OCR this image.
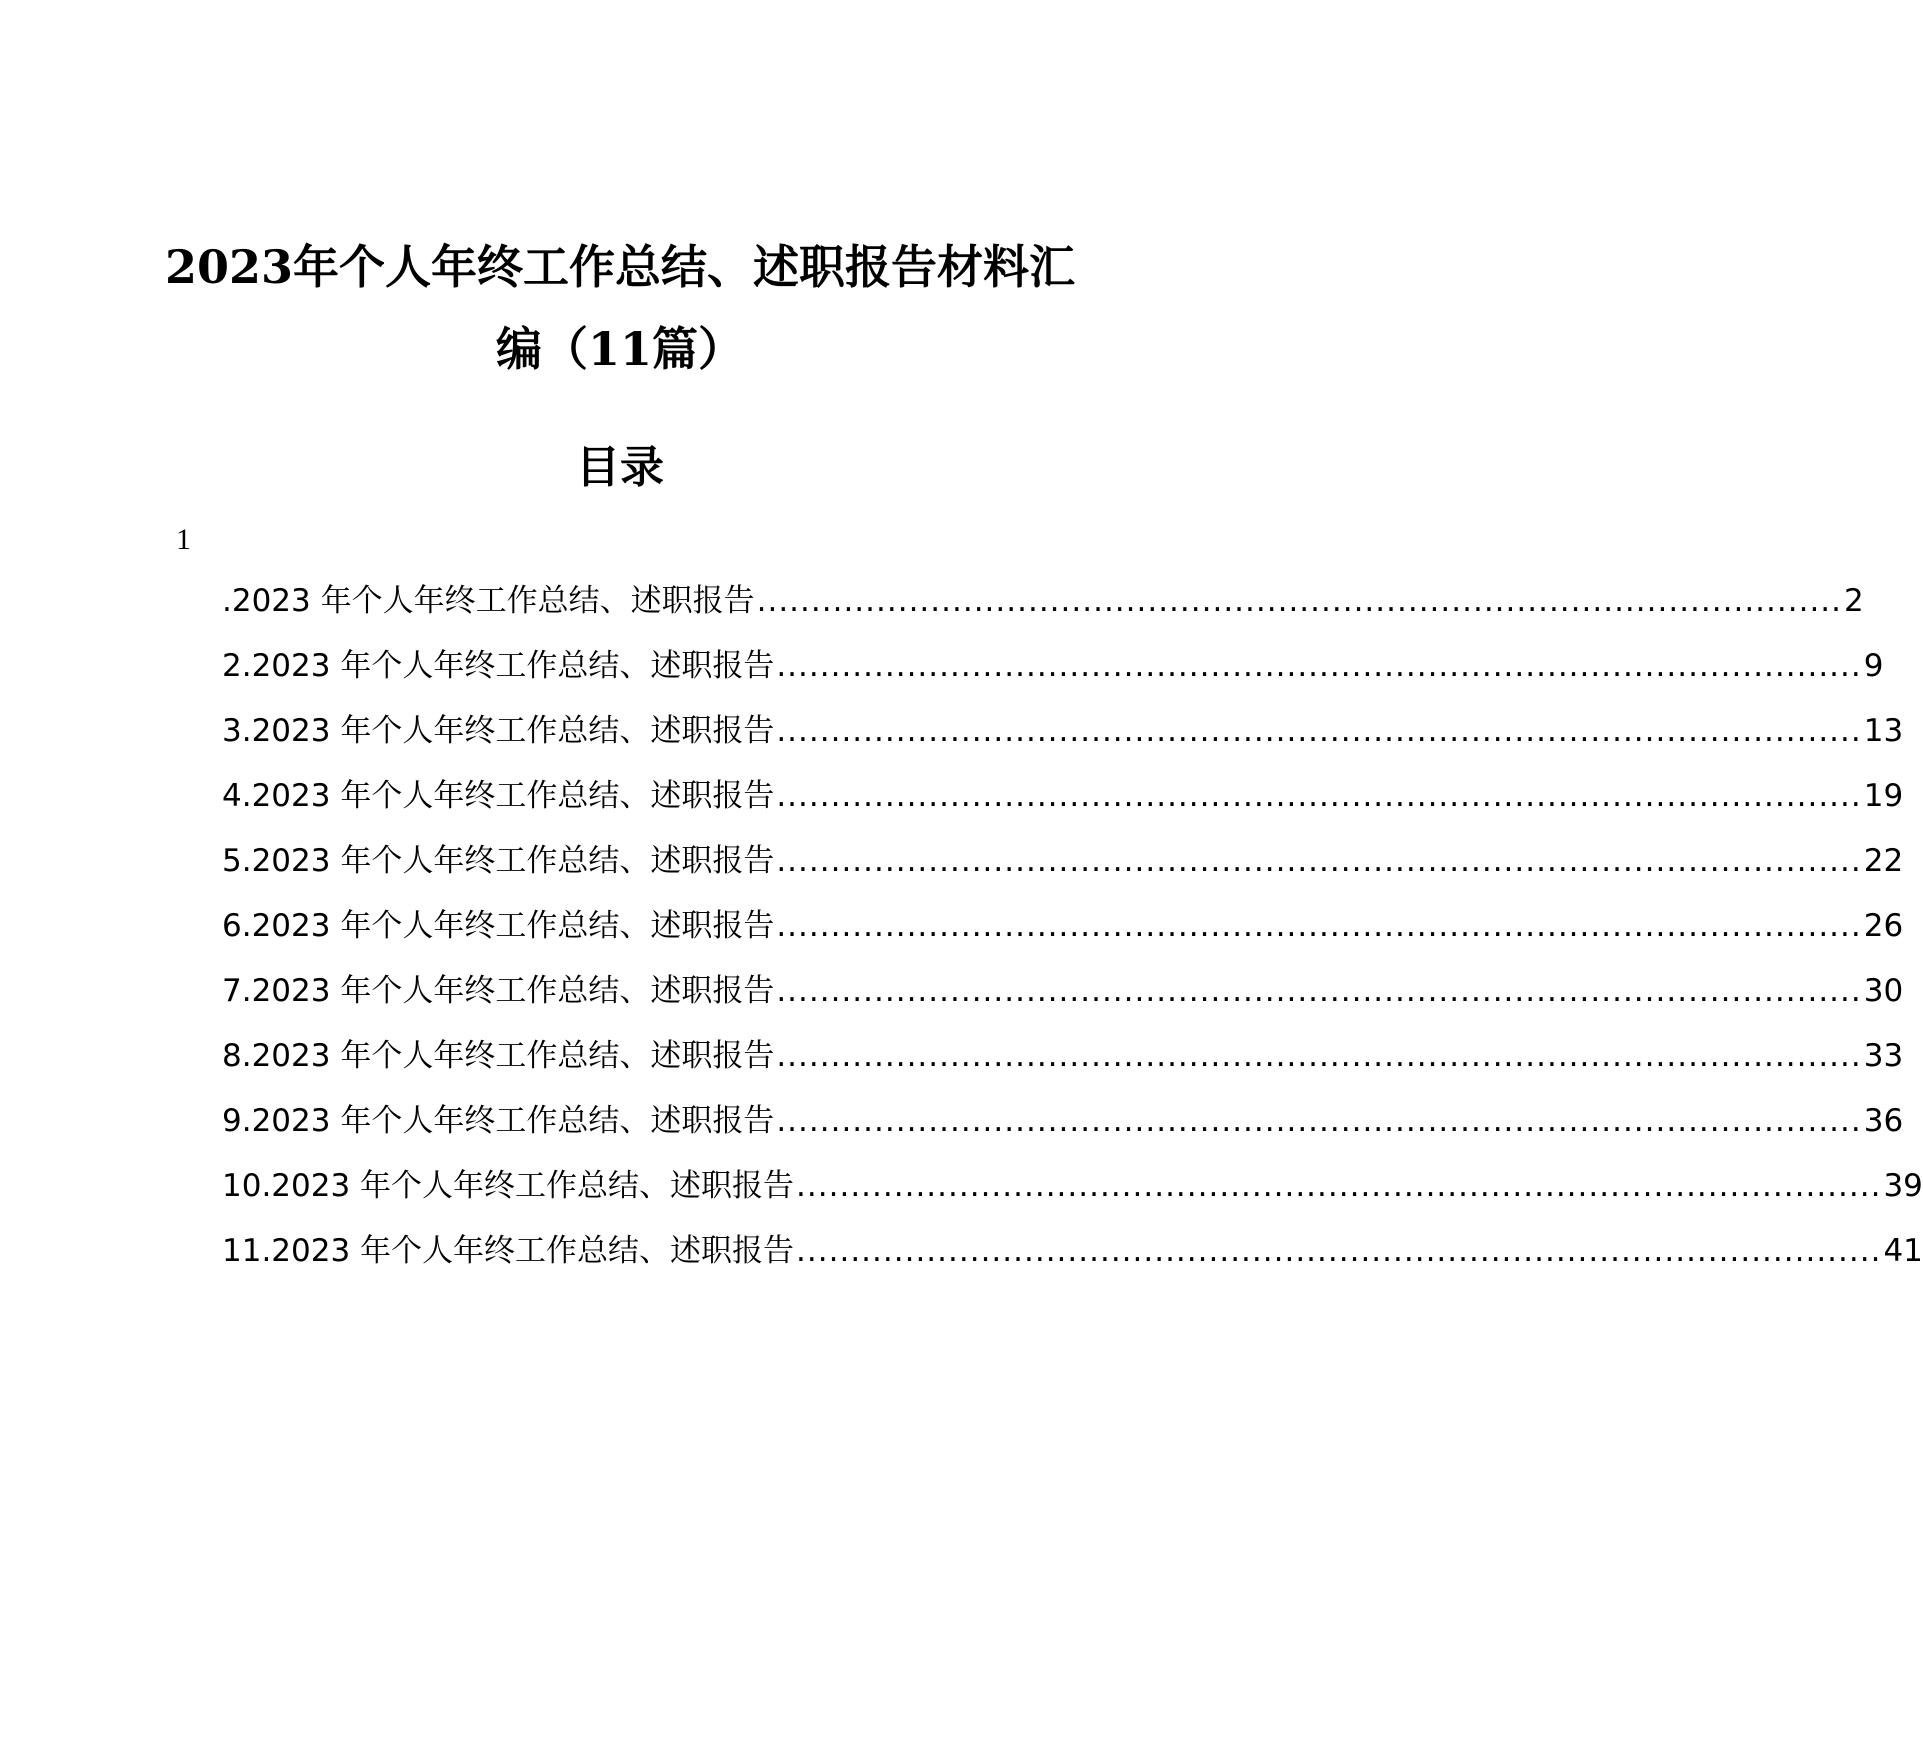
2023年个人年终工作总结、述职报告材料汇
编（11篇）
目录
1
.2023 年个人年终工作总结、述职报告 .................................................................................................... 2
2.2023 年个人年终工作总结、述职报告 .................................................................................................... 9
3.2023 年个人年终工作总结、述职报告 .................................................................................................... 13
4.2023 年个人年终工作总结、述职报告 .................................................................................................... 19
5.2023 年个人年终工作总结、述职报告 .................................................................................................... 22
6.2023 年个人年终工作总结、述职报告 .................................................................................................... 26
7.2023 年个人年终工作总结、述职报告 .................................................................................................... 30
8.2023 年个人年终工作总结、述职报告 .................................................................................................... 33
9.2023 年个人年终工作总结、述职报告 .................................................................................................... 36
10.2023 年个人年终工作总结、述职报告 .................................................................................................... 39
11.2023 年个人年终工作总结、述职报告 .................................................................................................... 41
